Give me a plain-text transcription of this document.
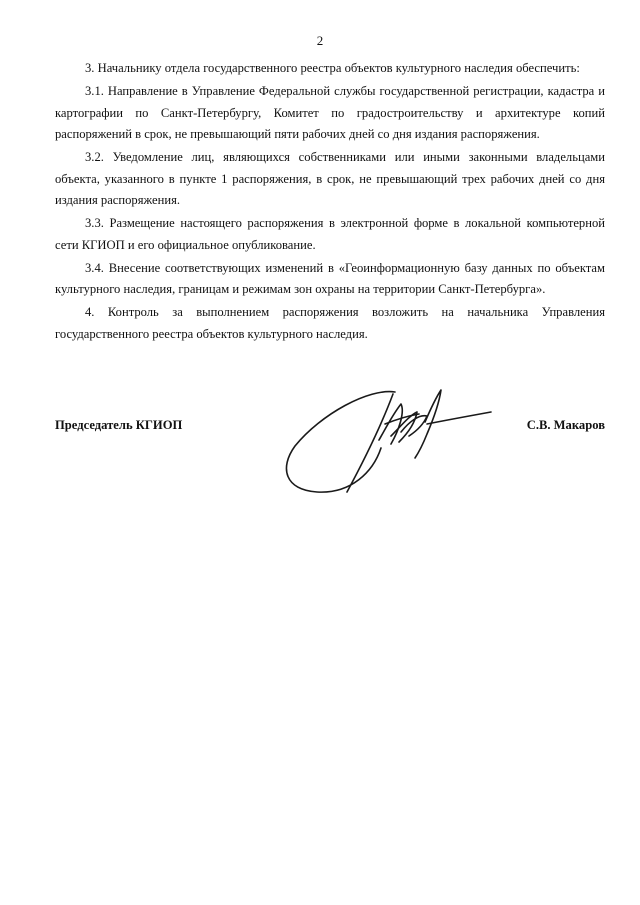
2

3. Начальнику отдела государственного реестра объектов культурного наследия обеспечить:

3.1. Направление в Управление Федеральной службы государственной регистрации, кадастра и картографии по Санкт-Петербургу, Комитет по градостроительству и архитектуре копий распоряжений в срок, не превышающий пяти рабочих дней со дня издания распоряжения.

3.2. Уведомление лиц, являющихся собственниками или иными законными владельцами объекта, указанного в пункте 1 распоряжения, в срок, не превышающий трех рабочих дней со дня издания распоряжения.

3.3. Размещение настоящего распоряжения в электронной форме в локальной компьютерной сети КГИОП и его официальное опубликование.

3.4. Внесение соответствующих изменений в «Геоинформационную базу данных по объектам культурного наследия, границам и режимам зон охраны на территории Санкт-Петербурга».

4. Контроль за выполнением распоряжения возложить на начальника Управления государственного реестра объектов культурного наследия.

Председатель КГИОП	С.В. Макаров
